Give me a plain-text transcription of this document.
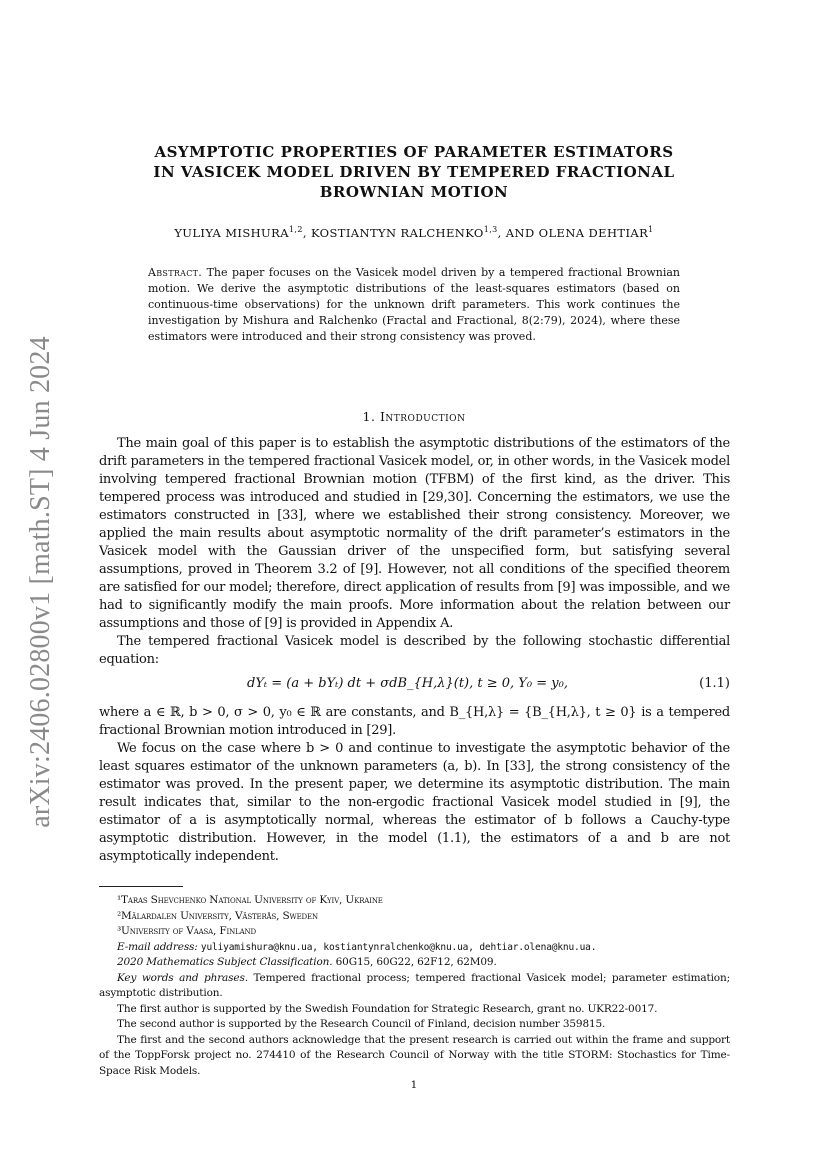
arXiv:2406.02800v1 [math.ST] 4 Jun 2024
ASYMPTOTIC PROPERTIES OF PARAMETER ESTIMATORS
IN VASICEK MODEL DRIVEN BY TEMPERED FRACTIONAL
BROWNIAN MOTION
YULIYA MISHURA$^{1,2}$, KOSTIANTYN RALCHENKO$^{1,3}$, AND OLENA DEHTIAR$^1$
Abstract. The paper focuses on the Vasicek model driven by a tempered fractional Brownian motion. We derive the asymptotic distributions of the least-squares estimators (based on continuous-time observations) for the unknown drift parameters. This work continues the investigation by Mishura and Ralchenko (Fractal and Fractional, 8(2:79), 2024), where these estimators were introduced and their strong consistency was proved.
1. Introduction

The main goal of this paper is to establish the asymptotic distributions of the estimators of the drift parameters in the tempered fractional Vasicek model, or, in other words, in the Vasicek model involving tempered fractional Brownian motion (TFBM) of the first kind, as the driver. This tempered process was introduced and studied in [29,30]. Concerning the estimators, we use the estimators constructed in [33], where we established their strong consistency. Moreover, we applied the main results about asymptotic normality of the drift parameter’s estimators in the Vasicek model with the Gaussian driver of the unspecified form, but satisfying several assumptions, proved in Theorem 3.2 of [9]. However, not all conditions of the specified theorem are satisfied for our model; therefore, direct application of results from [9] was impossible, and we had to significantly modify the main proofs. More information about the relation between our assumptions and those of [9] is provided in Appendix A.

The tempered fractional Vasicek model is described by the following stochastic differential equation:

dYₜ = (a + bYₜ) dt + σdB_{H,λ}(t), t ≥ 0, Y₀ = y₀,	(1.1)

where a ∈ ℝ, b > 0, σ > 0, y₀ ∈ ℝ are constants, and B_{H,λ} = {B_{H,λ}, t ≥ 0} is a tempered fractional Brownian motion introduced in [29].

We focus on the case where b > 0 and continue to investigate the asymptotic behavior of the least squares estimator of the unknown parameters (a, b). In [33], the strong consistency of the estimator was proved. In the present paper, we determine its asymptotic distribution. The main result indicates that, similar to the non-ergodic fractional Vasicek model studied in [9], the estimator of a is asymptotically normal, whereas the estimator of b follows a Cauchy-type asymptotic distribution. However, in the model (1.1), the estimators of a and b are not asymptotically independent.

¹Taras Shevchenko National University of Kyiv, Ukraine
²Mälardalen University, Västerås, Sweden
³University of Vaasa, Finland
E-mail address: yuliyamishura@knu.ua, kostiantynralchenko@knu.ua, dehtiar.olena@knu.ua.
2020 Mathematics Subject Classification. 60G15, 60G22, 62F12, 62M09.
Key words and phrases. Tempered fractional process; tempered fractional Vasicek model; parameter estimation; asymptotic distribution.
The first author is supported by the Swedish Foundation for Strategic Research, grant no. UKR22-0017.
The second author is supported by the Research Council of Finland, decision number 359815.
The first and the second authors acknowledge that the present research is carried out within the frame and support of the ToppForsk project no. 274410 of the Research Council of Norway with the title STORM: Stochastics for Time-Space Risk Models.
1
